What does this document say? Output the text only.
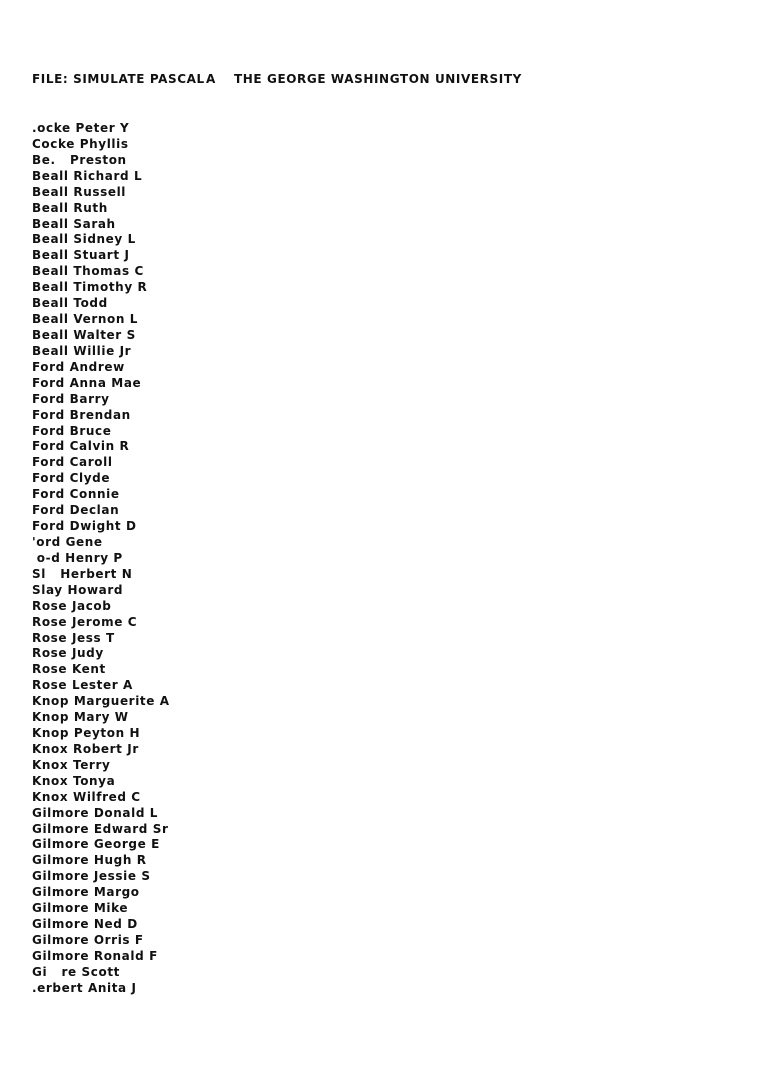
FILE: SIMULATE PASCAL

A

THE GEORGE WASHINGTON UNIVERSITY

.ocke Peter Y
Cocke Phyllis
Be.   Preston
Beall Richard L
Beall Russell
Beall Ruth
Beall Sarah
Beall Sidney L
Beall Stuart J
Beall Thomas C
Beall Timothy R
Beall Todd
Beall Vernon L
Beall Walter S
Beall Willie Jr
Ford Andrew
Ford Anna Mae
Ford Barry
Ford Brendan
Ford Bruce
Ford Calvin R
Ford Caroll
Ford Clyde
Ford Connie
Ford Declan
Ford Dwight D
'ord Gene
o-d Henry P
Sl   Herbert N
Slay Howard
Rose Jacob
Rose Jerome C
Rose Jess T
Rose Judy
Rose Kent
Rose Lester A
Knop Marguerite A
Knop Mary W
Knop Peyton H
Knox Robert Jr
Knox Terry
Knox Tonya
Knox Wilfred C
Gilmore Donald L
Gilmore Edward Sr
Gilmore George E
Gilmore Hugh R
Gilmore Jessie S
Gilmore Margo
Gilmore Mike
Gilmore Ned D
Gilmore Orris F
Gilmore Ronald F
Gi   re Scott
.erbert Anita J
